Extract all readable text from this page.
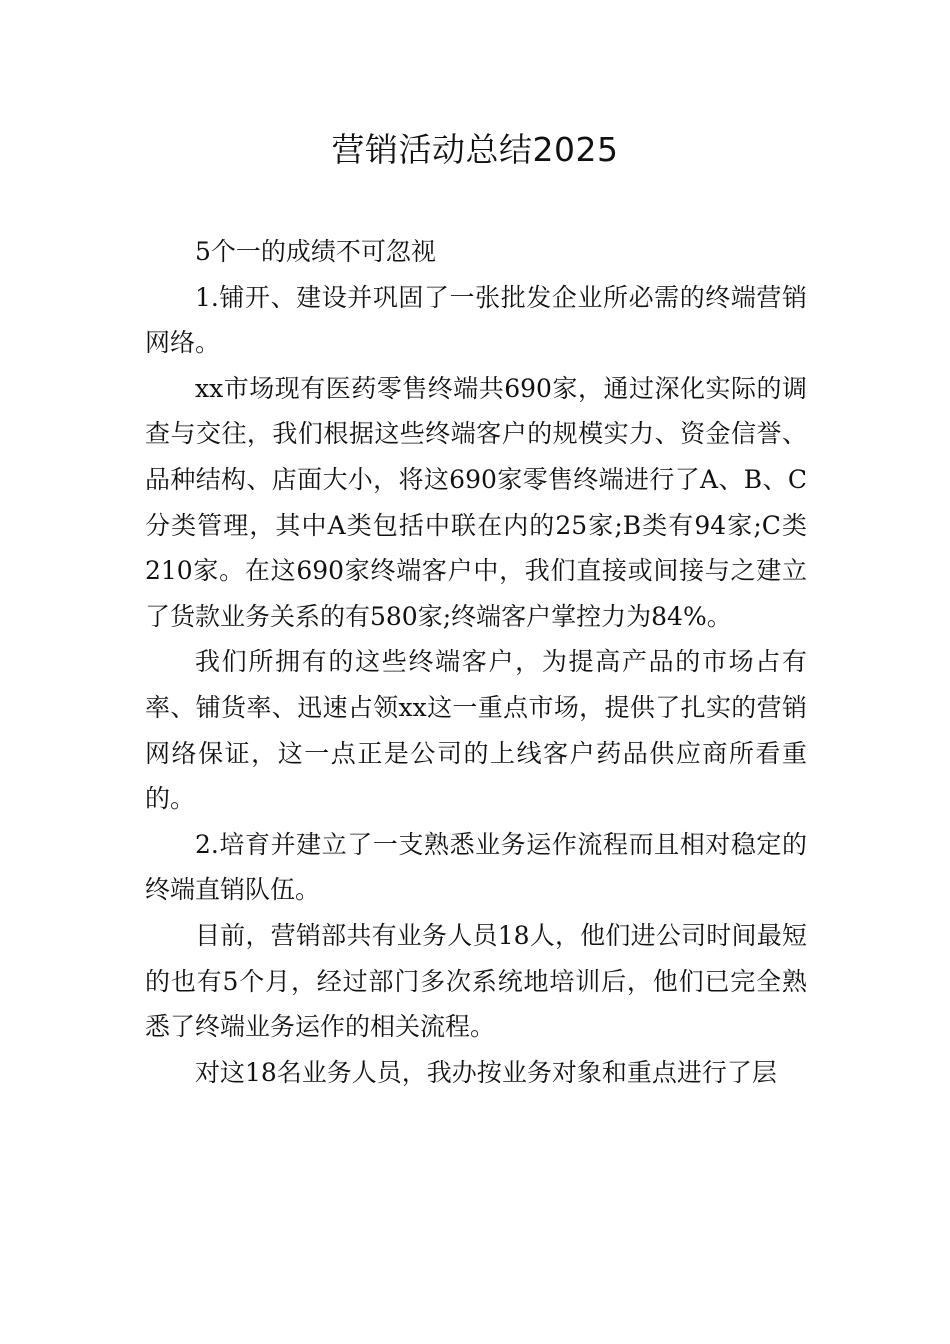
营销活动总结2025

5个一的成绩不可忽视

1.铺开、建设并巩固了一张批发企业所必需的终端营销网络。

xx市场现有医药零售终端共690家，通过深化实际的调查与交往，我们根据这些终端客户的规模实力、资金信誉、品种结构、店面大小，将这690家零售终端进行了A、B、C分类管理，其中A类包括中联在内的25家;B类有94家;C类210家。在这690家终端客户中，我们直接或间接与之建立了货款业务关系的有580家;终端客户掌控力为84%。

我们所拥有的这些终端客户，为提高产品的市场占有率、铺货率、迅速占领xx这一重点市场，提供了扎实的营销网络保证，这一点正是公司的上线客户药品供应商所看重的。

2.培育并建立了一支熟悉业务运作流程而且相对稳定的终端直销队伍。

目前，营销部共有业务人员18人，他们进公司时间最短的也有5个月，经过部门多次系统地培训后，他们已完全熟悉了终端业务运作的相关流程。

对这18名业务人员，我办按业务对象和重点进行了层
